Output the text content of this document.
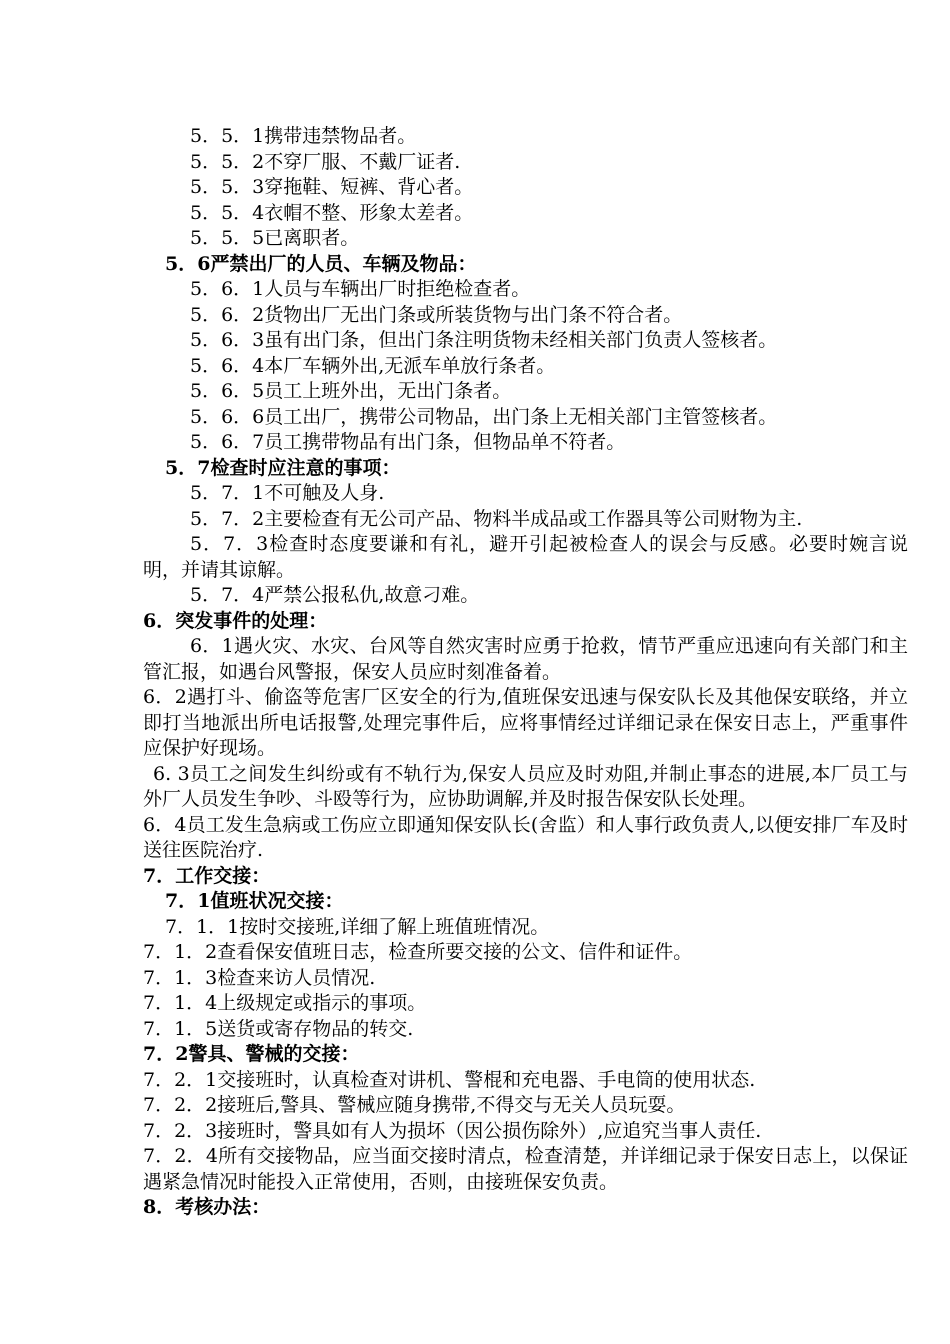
5．5．1携带违禁物品者。
5．5．2不穿厂服、不戴厂证者.
5．5．3穿拖鞋、短裤、背心者。
5．5．4衣帽不整、形象太差者。
5．5．5已离职者。
5．6严禁出厂的人员、车辆及物品：
5．6．1人员与车辆出厂时拒绝检查者。
5．6．2货物出厂无出门条或所装货物与出门条不符合者。
5．6．3虽有出门条，但出门条注明货物未经相关部门负责人签核者。
5．6．4本厂车辆外出,无派车单放行条者。
5．6．5员工上班外出，无出门条者。
5．6．6员工出厂，携带公司物品，出门条上无相关部门主管签核者。
5．6．7员工携带物品有出门条，但物品单不符者。
5．7检查时应注意的事项：
5．7．1不可触及人身.
5．7．2主要检查有无公司产品、物料半成品或工作器具等公司财物为主.
5．7．3检查时态度要谦和有礼，避开引起被检查人的误会与反感。必要时婉言说明，并请其谅解。
5．7．4严禁公报私仇,故意刁难。
6．突发事件的处理：
6．1遇火灾、水灾、台风等自然灾害时应勇于抢救，情节严重应迅速向有关部门和主管汇报，如遇台风警报，保安人员应时刻准备着。
6．2遇打斗、偷盗等危害厂区安全的行为,值班保安迅速与保安队长及其他保安联络，并立即打当地派出所电话报警,处理完事件后，应将事情经过详细记录在保安日志上，严重事件应保护好现场。
6. 3员工之间发生纠纷或有不轨行为,保安人员应及时劝阻,并制止事态的进展,本厂员工与外厂人员发生争吵、斗殴等行为，应协助调解,并及时报告保安队长处理。
6．4员工发生急病或工伤应立即通知保安队长(舍监）和人事行政负责人,以便安排厂车及时送往医院治疗.
7．工作交接：
7．1值班状况交接：
7．1．1按时交接班,详细了解上班值班情况。
7．1．2查看保安值班日志，检查所要交接的公文、信件和证件。
7．1．3检查来访人员情况.
7．1．4上级规定或指示的事项。
7．1．5送货或寄存物品的转交.
7．2警具、警械的交接：
7．2．1交接班时，认真检查对讲机、警棍和充电器、手电筒的使用状态.
7．2．2接班后,警具、警械应随身携带,不得交与无关人员玩耍。
7．2．3接班时，警具如有人为损坏（因公损伤除外）,应追究当事人责任.
7．2．4所有交接物品，应当面交接时清点，检查清楚，并详细记录于保安日志上，以保证遇紧急情况时能投入正常使用，否则，由接班保安负责。
8．考核办法：
